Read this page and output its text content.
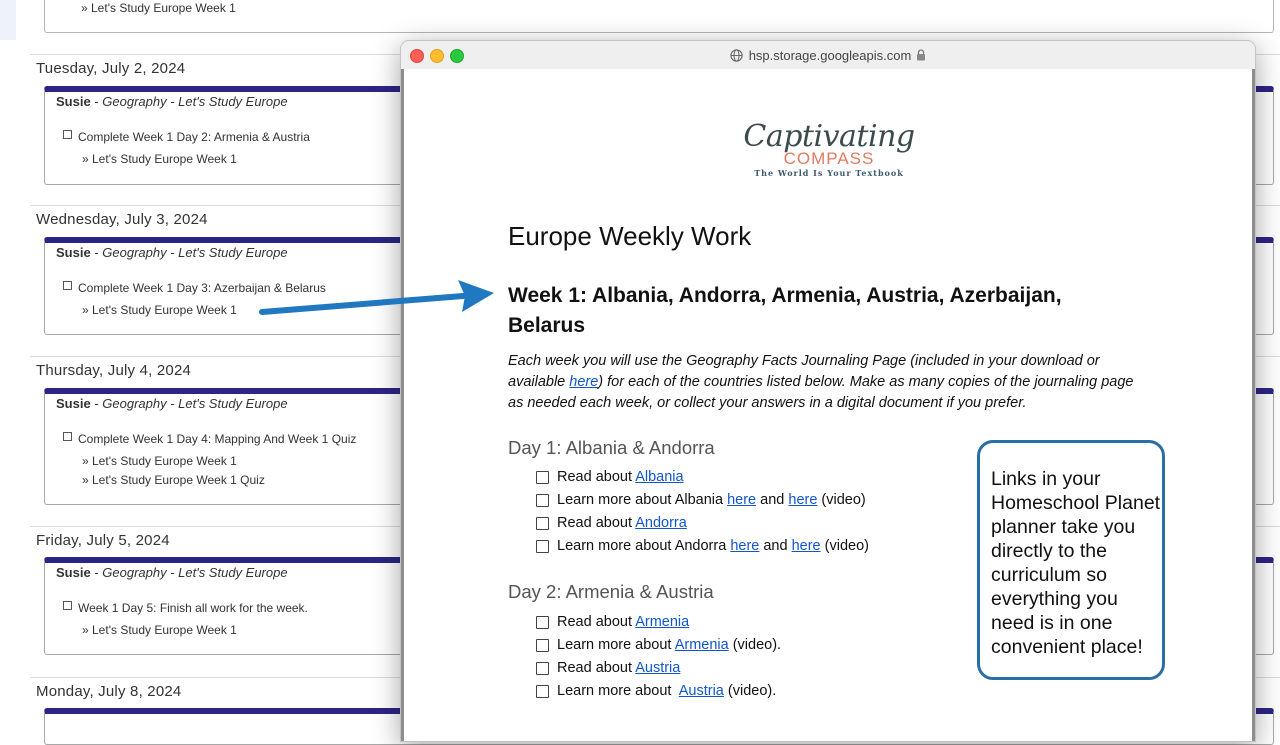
» Let's Study Europe Week 1
Tuesday, July 2, 2024
Susie - Geography - Let's Study Europe
Complete Week 1 Day 2: Armenia & Austria
» Let's Study Europe Week 1
Wednesday, July 3, 2024
Susie - Geography - Let's Study Europe
Complete Week 1 Day 3: Azerbaijan & Belarus
» Let's Study Europe Week 1
Thursday, July 4, 2024
Susie - Geography - Let's Study Europe
Complete Week 1 Day 4: Mapping And Week 1 Quiz
» Let's Study Europe Week 1
» Let's Study Europe Week 1 Quiz
Friday, July 5, 2024
Susie - Geography - Let's Study Europe
Week 1 Day 5: Finish all work for the week.
» Let's Study Europe Week 1
Monday, July 8, 2024
hsp.storage.googleapis.com
Captivating
COMPASS
The World Is Your Textbook
Europe Weekly Work
Week 1: Albania, Andorra, Armenia, Austria, Azerbaijan, Belarus
Each week you will use the Geography Facts Journaling Page (included in your download or available here) for each of the countries listed below. Make as many copies of the journaling page as needed each week, or collect your answers in a digital document if you prefer.
Day 1: Albania & Andorra
Read about Albania
Learn more about Albania here and here (video)
Read about Andorra
Learn more about Andorra here and here (video)
Day 2: Armenia & Austria
Read about Armenia
Learn more about Armenia (video).
Read about Austria
Learn more about  Austria (video).
Links in your Homeschool Planet planner take you directly to the curriculum so everything you need is in one convenient place!
